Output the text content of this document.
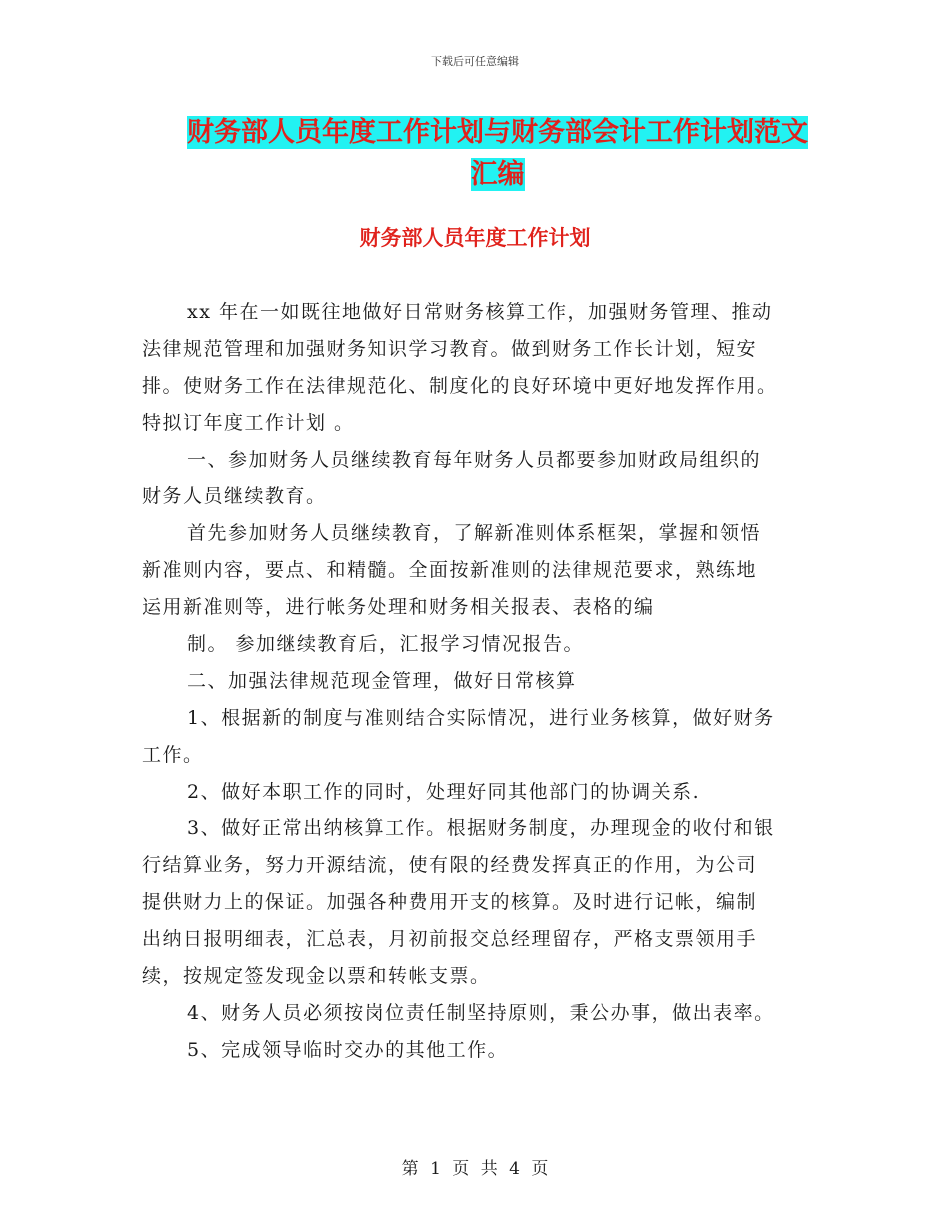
下载后可任意编辑
财务部人员年度工作计划与财务部会计工作计划范文
汇编
财务部人员年度工作计划
xx 年在一如既往地做好日常财务核算工作，加强财务管理、推动
法律规范管理和加强财务知识学习教育。做到财务工作长计划，短安
排。使财务工作在法律规范化、制度化的良好环境中更好地发挥作用。
特拟订年度工作计划 。
一、参加财务人员继续教育每年财务人员都要参加财政局组织的
财务人员继续教育。
首先参加财务人员继续教育，了解新准则体系框架，掌握和领悟
新准则内容，要点、和精髓。全面按新准则的法律规范要求，熟练地
运用新准则等，进行帐务处理和财务相关报表、表格的编
制。 参加继续教育后，汇报学习情况报告。
二、加强法律规范现金管理，做好日常核算
1、根据新的制度与准则结合实际情况，进行业务核算，做好财务
工作。
2、做好本职工作的同时，处理好同其他部门的协调关系.
3、做好正常出纳核算工作。根据财务制度，办理现金的收付和银
行结算业务，努力开源结流，使有限的经费发挥真正的作用，为公司
提供财力上的保证。加强各种费用开支的核算。及时进行记帐，编制
出纳日报明细表，汇总表，月初前报交总经理留存，严格支票领用手
续，按规定签发现金以票和转帐支票。
4、财务人员必须按岗位责任制坚持原则，秉公办事，做出表率。
5、完成领导临时交办的其他工作。
第 1 页 共 4 页
